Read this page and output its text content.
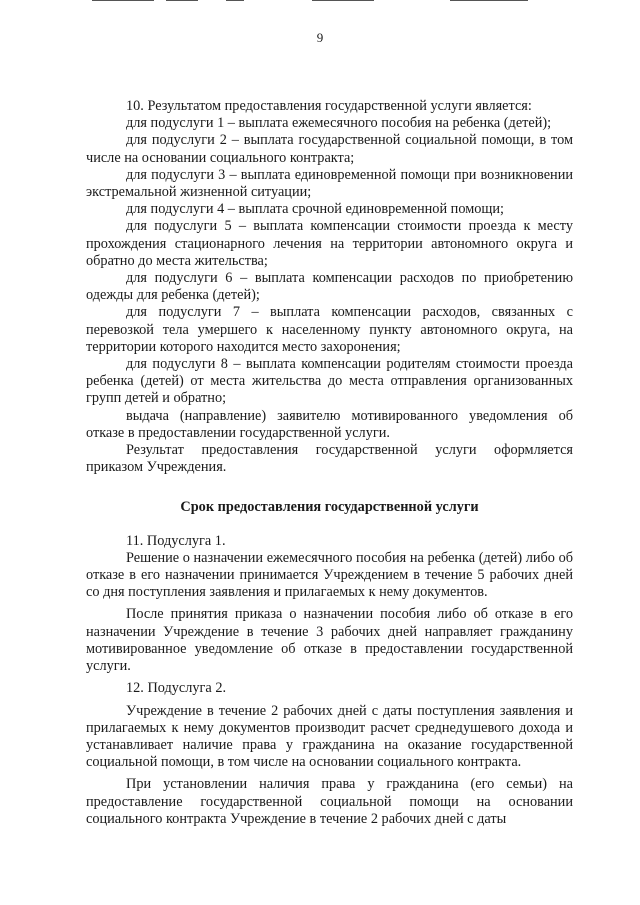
9

10. Результатом предоставления государственной услуги является:

для подуслуги 1 – выплата ежемесячного пособия на ребенка (детей);

для подуслуги 2 – выплата государственной социальной помощи, в том числе на основании социального контракта;

для подуслуги 3 – выплата единовременной помощи при возникновении экстремальной жизненной ситуации;

для подуслуги 4 – выплата срочной единовременной помощи;

для подуслуги 5 – выплата компенсации стоимости проезда к месту прохождения стационарного лечения на территории автономного округа и обратно до места жительства;

для подуслуги 6 – выплата компенсации расходов по приобретению одежды для ребенка (детей);

для подуслуги 7 – выплата компенсации расходов, связанных с перевозкой тела умершего к населенному пункту автономного округа, на территории которого находится место захоронения;

для подуслуги 8 – выплата компенсации родителям стоимости проезда ребенка (детей) от места жительства до места отправления организованных групп детей и обратно;

выдача (направление) заявителю мотивированного уведомления об отказе в предоставлении государственной услуги.

Результат предоставления государственной услуги оформляется приказом Учреждения.

Срок предоставления государственной услуги

11. Подуслуга 1.

Решение о назначении ежемесячного пособия на ребенка (детей) либо об отказе в его назначении принимается Учреждением в течение 5 рабочих дней со дня поступления заявления и прилагаемых к нему документов.

После принятия приказа о назначении пособия либо об отказе в его назначении Учреждение в течение 3 рабочих дней направляет гражданину мотивированное уведомление об отказе в предоставлении государственной услуги.

12. Подуслуга 2.

Учреждение в течение 2 рабочих дней с даты поступления заявления и прилагаемых к нему документов производит расчет среднедушевого дохода и устанавливает наличие права у гражданина на оказание государственной социальной помощи, в том числе на основании социального контракта.

При установлении наличия права у гражданина (его семьи) на предоставление государственной социальной помощи на основании социального контракта Учреждение в течение 2 рабочих дней с даты
